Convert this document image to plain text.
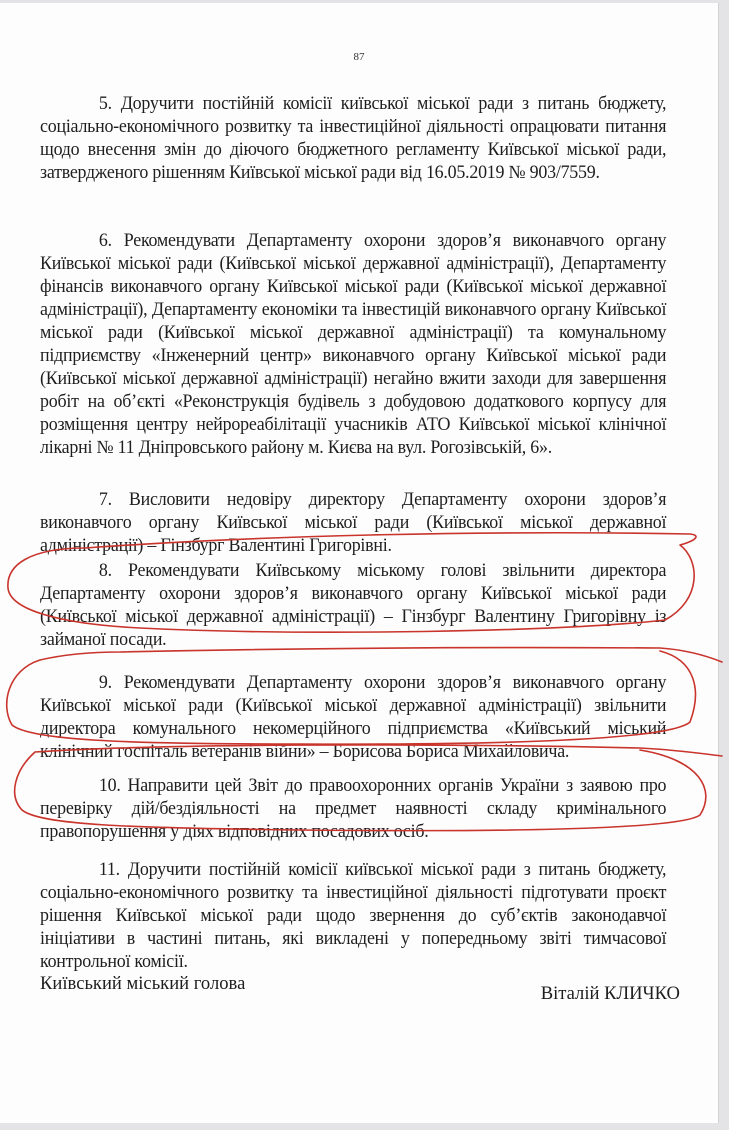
87

5. Доручити постійній комісії київської міської ради з питань бюджету, соціально-економічного розвитку та інвестиційної діяльності опрацювати питання щодо внесення змін до діючого бюджетного регламенту Київської міської ради, затвердженого рішенням Київської міської ради від 16.05.2019 № 903/7559.

6. Рекомендувати Департаменту охорони здоров’я виконавчого органу Київської міської ради (Київської міської державної адміністрації), Департаменту фінансів виконавчого органу Київської міської ради (Київської міської державної адміністрації), Департаменту економіки та інвестицій виконавчого органу Київської міської ради (Київської міської державної адміністрації) та комунальному підприємству «Інженерний центр» виконавчого органу Київської міської ради (Київської міської державної адміністрації) негайно вжити заходи для завершення робіт на об’єкті «Реконструкція будівель з добудовою додаткового корпусу для розміщення центру нейрореабілітації учасників АТО Київської міської клінічної лікарні № 11 Дніпровського району м. Києва на вул. Рогозівській, 6».

7. Висловити недовіру директору Департаменту охорони здоров’я виконавчого органу Київської міської ради (Київської міської державної адміністрації) – Гінзбург Валентині Григорівні.

8. Рекомендувати Київському міському голові звільнити директора Департаменту охорони здоров’я виконавчого органу Київської міської ради (Київської міської державної адміністрації) – Гінзбург Валентину Григорівну із займаної посади.

9. Рекомендувати Департаменту охорони здоров’я виконавчого органу Київської міської ради (Київської міської державної адміністрації) звільнити директора комунального некомерційного підприємства «Київський міський клінічний госпіталь ветеранів війни» – Борисова Бориса Михайловича.

10. Направити цей Звіт до правоохоронних органів України з заявою про перевірку дій/бездіяльності на предмет наявності складу кримінального правопорушення у діях відповідних посадових осіб.

11. Доручити постійній комісії київської міської ради з питань бюджету, соціально-економічного розвитку та інвестиційної діяльності підготувати проєкт рішення Київської міської ради щодо звернення до суб’єктів законодавчої ініціативи в частині питань, які викладені у попередньому звіті тимчасової контрольної комісії.

Київський міський голова	Віталій КЛИЧКО
